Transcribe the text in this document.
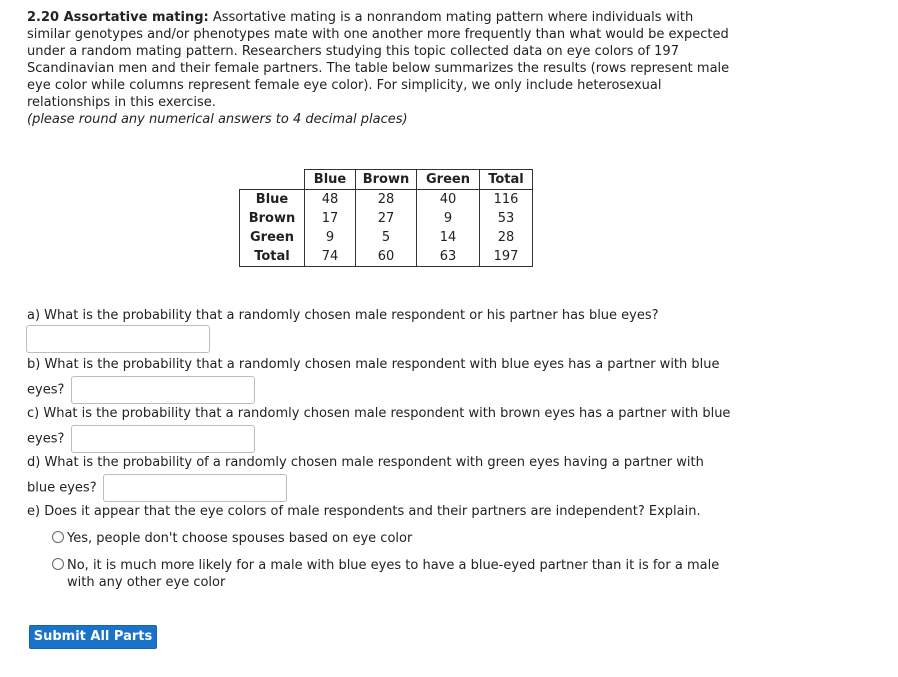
2.20 Assortative mating: Assortative mating is a nonrandom mating pattern where individuals with similar genotypes and/or phenotypes mate with one another more frequently than what would be expected under a random mating pattern. Researchers studying this topic collected data on eye colors of 197 Scandinavian men and their female partners. The table below summarizes the results (rows represent male eye color while columns represent female eye color). For simplicity, we only include heterosexual relationships in this exercise.
(please round any numerical answers to 4 decimal places)
	Blue	Brown	Green	Total
Blue	48	28	40	116
Brown	17	27	9	53
Green	9	5	14	28
Total	74	60	63	197
a) What is the probability that a randomly chosen male respondent or his partner has blue eyes?
b) What is the probability that a randomly chosen male respondent with blue eyes has a partner with blue
eyes?
c) What is the probability that a randomly chosen male respondent with brown eyes has a partner with blue
eyes?
d) What is the probability of a randomly chosen male respondent with green eyes having a partner with
blue eyes?
e) Does it appear that the eye colors of male respondents and their partners are independent? Explain.
Yes, people don't choose spouses based on eye color
No, it is much more likely for a male with blue eyes to have a blue-eyed partner than it is for a male with any other eye color
Submit All Parts
